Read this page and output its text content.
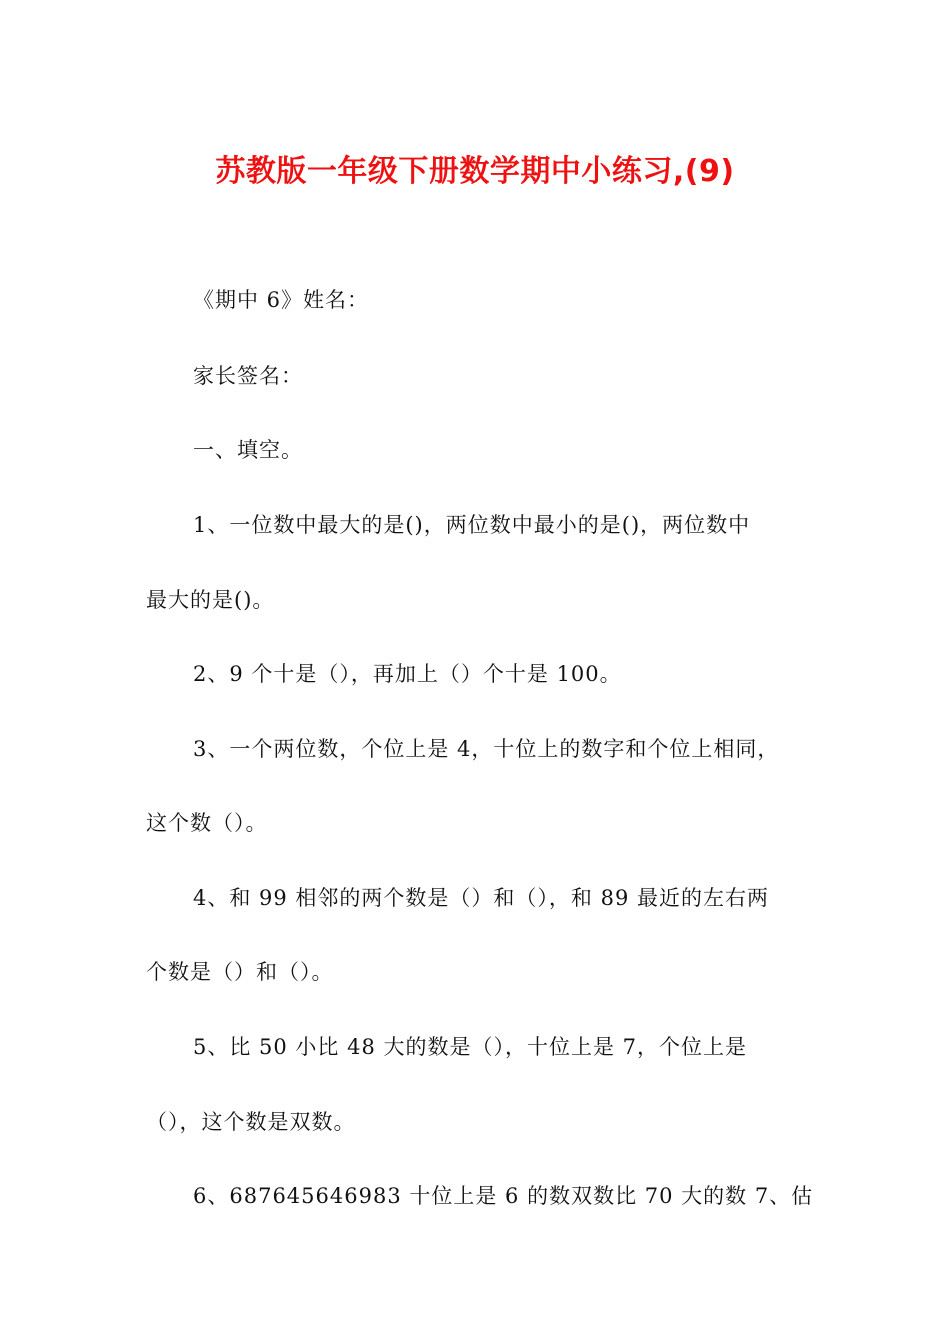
苏教版一年级下册数学期中小练习,(9)
《期中 6》姓名：
家长签名：
一、填空。
1、一位数中最大的是()，两位数中最小的是()，两位数中
最大的是()。
2、9 个十是（），再加上（）个十是 100。
3、一个两位数，个位上是 4，十位上的数字和个位上相同，
这个数（）。
4、和 99 相邻的两个数是（）和（），和 89 最近的左右两
个数是（）和（）。
5、比 50 小比 48 大的数是（），十位上是 7，个位上是
（），这个数是双数。
6、687645646983 十位上是 6 的数双数比 70 大的数 7、估
